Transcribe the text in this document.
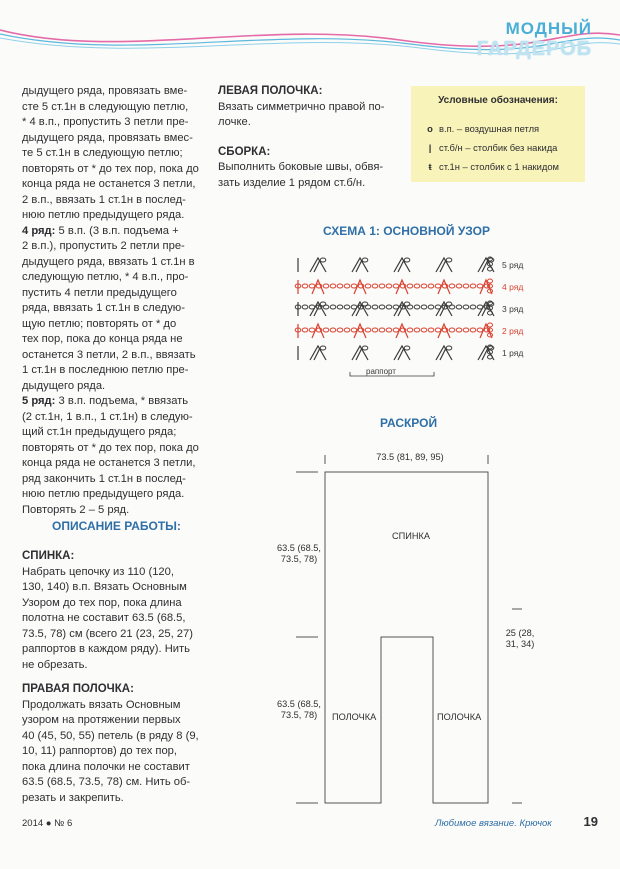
МОДНЫЙ
ГАРДЕРОБ
дыдущего ряда, провязать вме-
сте 5 ст.1н в следующую петлю,
* 4 в.п., пропустить 3 петли пре-
дыдущего ряда, провязать вмес-
те 5 ст.1н в следующую петлю;
повторять от * до тех пор, пока до
конца ряда не останется 3 петли,
2 в.п., ввязать 1 ст.1н в послед-
нюю петлю предыдущего ряда.

4 ряд: 5 в.п. (3 в.п. подъема +
2 в.п.), пропустить 2 петли пре-
дыдущего ряда, ввязать 1 ст.1н в
следующую петлю, * 4 в.п., про-
пустить 4 петли предыдущего
ряда, ввязать 1 ст.1н в следую-
щую петлю; повторять от * до
тех пор, пока до конца ряда не
останется 3 петли, 2 в.п., ввязать
1 ст.1н в последнюю петлю пре-
дыдущего ряда.

5 ряд: 3 в.п. подъема, * ввязать
(2 ст.1н, 1 в.п., 1 ст.1н) в следую-
щий ст.1н предыдущего ряда;
повторять от * до тех пор, пока до
конца ряда не останется 3 петли,
ряд закончить 1 ст.1н в послед-
нюю петлю предыдущего ряда.
Повторять 2 – 5 ряд.

ОПИСАНИЕ РАБОТЫ:
СПИНКА:
Набрать цепочку из 110 (120,
130, 140) в.п. Вязать Основным
Узором до тех пор, пока длина
полотна не составит 63.5 (68.5,
73.5, 78) см (всего 21 (23, 25, 27)
раппортов в каждом ряду). Нить
не обрезать.
ПРАВАЯ ПОЛОЧКА:
Продолжать вязать Основным
узором на протяжении первых
40 (45, 50, 55) петель (в ряду 8 (9,
10, 11) раппортов) до тех пор,
пока длина полочки не составит
63.5 (68.5, 73.5, 78) см. Нить об-
резать и закрепить.
ЛЕВАЯ ПОЛОЧКА:
Вязать симметрично правой по-
лочке.
СБОРКА:
Выполнить боковые швы, обвя-
зать изделие 1 рядом ст.б/н.
Условные обозначения:
o в.п. – воздушная петля
| ст.б/н – столбик без накида
ŧ ст.1н – столбик с 1 накидом
СХЕМА 1: ОСНОВНОЙ УЗОР
5 ряд
4 ряд
3 ряд
2 ряд
1 ряд
раппорт
РАСКРОЙ
73.5 (81, 89, 95)
63.5 (68.5,
73.5, 78)
63.5 (68.5,
73.5, 78)
25 (28,
31, 34)
СПИНКА
ПОЛОЧКА	ПОЛОЧКА
2014 ● № 6	Любимое вязание. Крючок 19
